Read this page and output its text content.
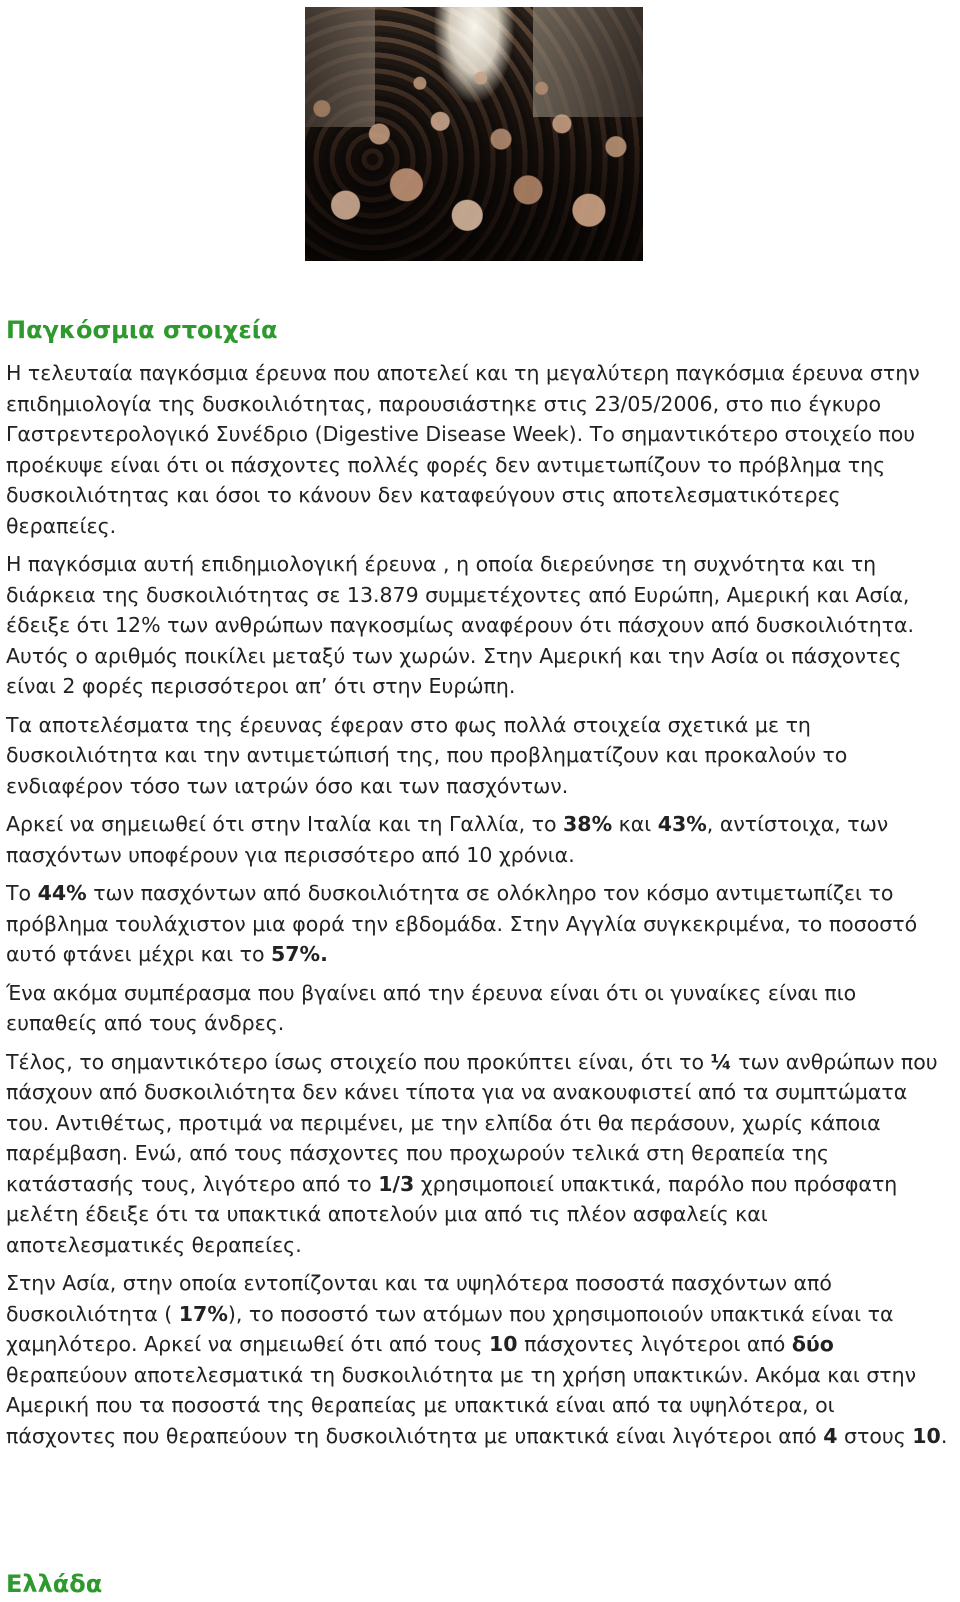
Παγκόσμια στοιχεία

Η τελευταία παγκόσμια έρευνα που αποτελεί και τη μεγαλύτερη παγκόσμια έρευνα στην επιδημιολογία της δυσκοιλιότητας, παρουσιάστηκε στις 23/05/2006, στο πιο έγκυρο Γαστρεντερολογικό Συνέδριο (Digestive Disease Week). Το σημαντικότερο στοιχείο που προέκυψε είναι ότι οι πάσχοντες πολλές φορές δεν αντιμετωπίζουν το πρόβλημα της δυσκοιλιότητας και όσοι το κάνουν δεν καταφεύγουν στις αποτελεσματικότερες θεραπείες.

Η παγκόσμια αυτή επιδημιολογική έρευνα , η οποία διερεύνησε τη συχνότητα και τη διάρκεια της δυσκοιλιότητας σε 13.879 συμμετέχοντες από Ευρώπη, Αμερική και Ασία, έδειξε ότι 12% των ανθρώπων παγκοσμίως αναφέρουν ότι πάσχουν από δυσκοιλιότητα. Αυτός ο αριθμός ποικίλει μεταξύ των χωρών. Στην Αμερική και την Ασία οι πάσχοντες είναι 2 φορές περισσότεροι απ’ ότι στην Ευρώπη.

Τα αποτελέσματα της έρευνας έφεραν στο φως πολλά στοιχεία σχετικά με τη δυσκοιλιότητα και την αντιμετώπισή της, που προβληματίζουν και προκαλούν το ενδιαφέρον τόσο των ιατρών όσο και των πασχόντων.

Αρκεί να σημειωθεί ότι στην Ιταλία και τη Γαλλία, το 38% και 43%, αντίστοιχα, των πασχόντων υποφέρουν για περισσότερο από 10 χρόνια.

Το 44% των πασχόντων από δυσκοιλιότητα σε ολόκληρο τον κόσμο αντιμετωπίζει το πρόβλημα τουλάχιστον μια φορά την εβδομάδα. Στην Αγγλία συγκεκριμένα, το ποσοστό αυτό φτάνει μέχρι και το 57%.

Ένα ακόμα συμπέρασμα που βγαίνει από την έρευνα είναι ότι οι γυναίκες είναι πιο ευπαθείς από τους άνδρες.

Τέλος, το σημαντικότερο ίσως στοιχείο που προκύπτει είναι, ότι το ¼ των ανθρώπων που πάσχουν από δυσκοιλιότητα δεν κάνει τίποτα για να ανακουφιστεί από τα συμπτώματα του. Αντιθέτως, προτιμά να περιμένει, με την ελπίδα ότι θα περάσουν, χωρίς κάποια παρέμβαση. Ενώ, από τους πάσχοντες που προχωρούν τελικά στη θεραπεία της κατάστασής τους, λιγότερο από το 1/3 χρησιμοποιεί υπακτικά, παρόλο που πρόσφατη μελέτη έδειξε ότι τα υπακτικά αποτελούν μια από τις πλέον ασφαλείς και αποτελεσματικές θεραπείες.

Στην Ασία, στην οποία εντοπίζονται και τα υψηλότερα ποσοστά πασχόντων από δυσκοιλιότητα ( 17%), το ποσοστό των ατόμων που χρησιμοποιούν υπακτικά είναι τα χαμηλότερο. Αρκεί να σημειωθεί ότι από τους 10 πάσχοντες λιγότεροι από δύο θεραπεύουν αποτελεσματικά τη δυσκοιλιότητα με τη χρήση υπακτικών. Ακόμα και στην Αμερική που τα ποσοστά της θεραπείας με υπακτικά είναι από τα υψηλότερα, οι πάσχοντες που θεραπεύουν τη δυσκοιλιότητα με υπακτικά είναι λιγότεροι από 4 στους 10.

Ελλάδα
